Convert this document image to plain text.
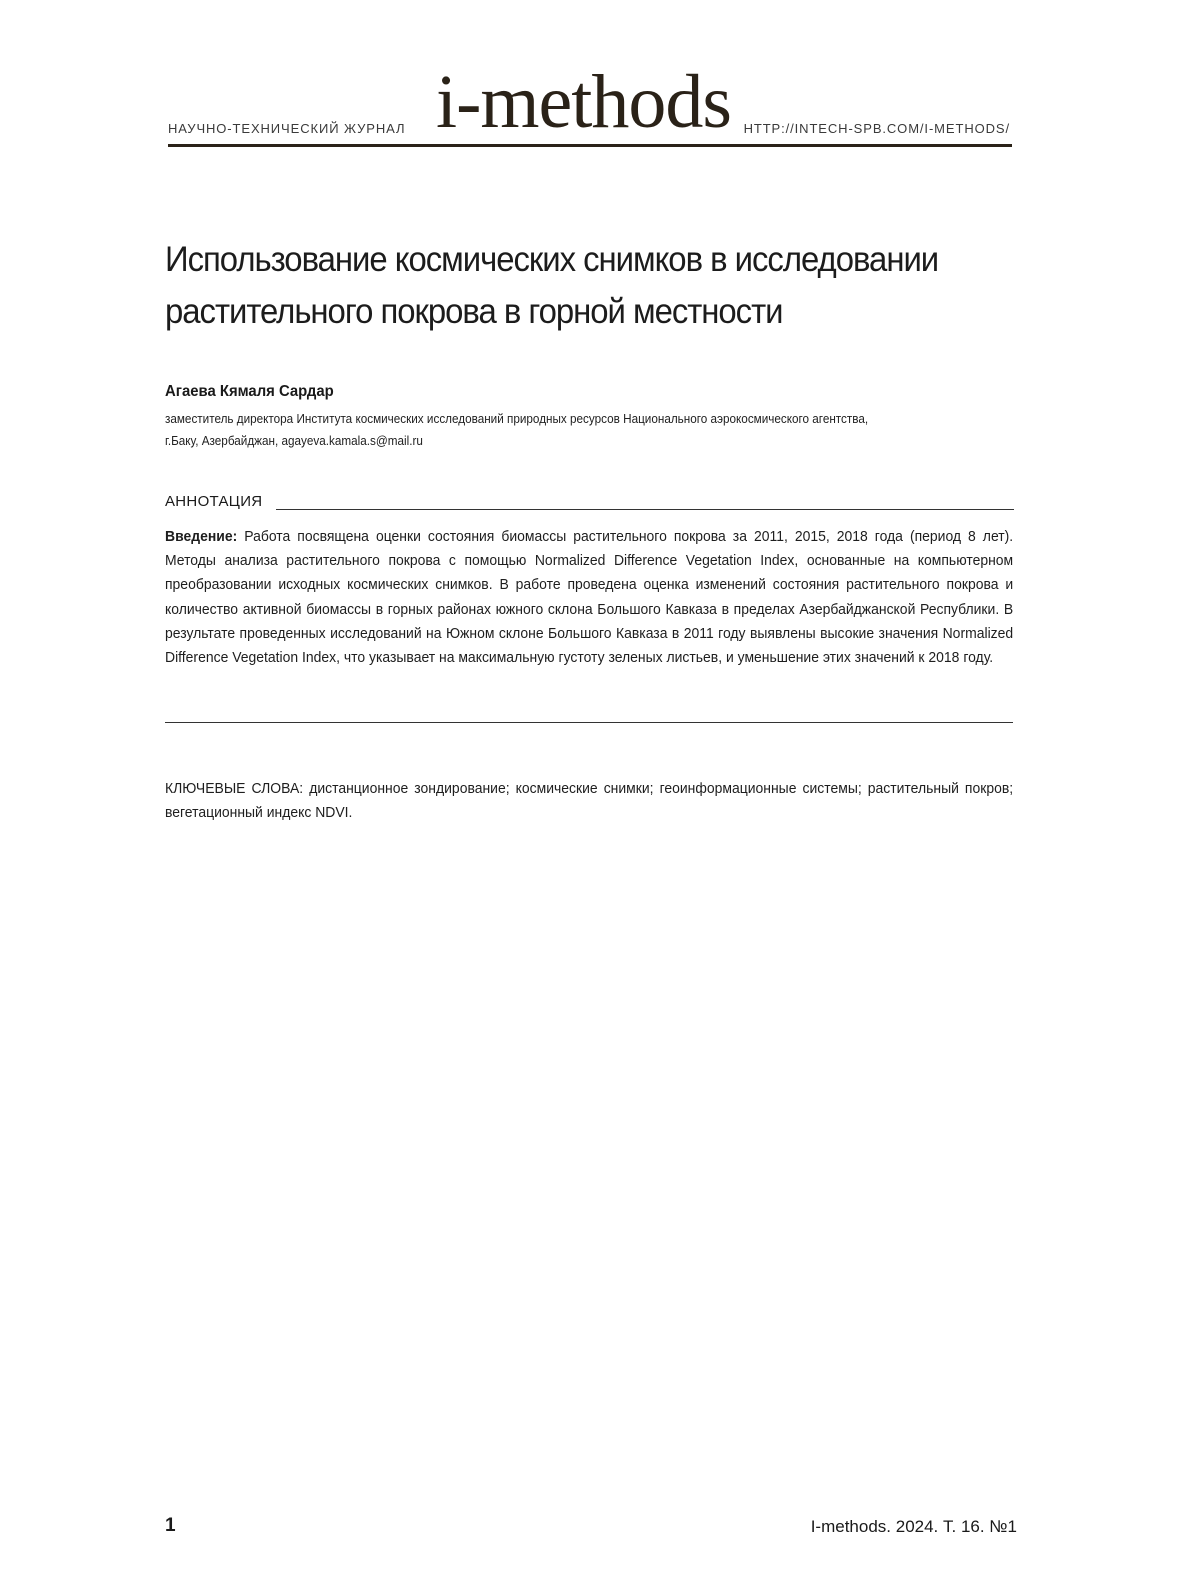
НАУЧНО-ТЕХНИЧЕСКИЙ ЖУРНАЛ i-methods HTTP://INTECH-SPB.COM/I-METHODS/
Использование космических снимков в исследовании
растительного покрова в горной местности
Агаева Кямаля Сардар
заместитель директора Института космических исследований природных ресурсов Национального аэрокосмического агентства,
г.Баку, Азербайджан, agayeva.kamala.s@mail.ru
АННОТАЦИЯ
Введение: Работа посвящена оценки состояния биомассы растительного покрова за 2011, 2015, 2018 года (период 8 лет). Методы анализа растительного покрова с помощью Normalized Difference Vegetation Index, основанные на компьютерном преобразовании исходных космических снимков. В работе проведена оценка изменений состояния растительного покрова и количество активной биомассы в горных районах южного склона Большого Кавказа в пределах Азербайджанской Республики. В результате проведенных исследований на Южном склоне Большого Кавказа в 2011 году выявлены высокие значения Normalized Difference Vegetation Index, что указывает на максимальную густоту зеленых листьев, и уменьшение этих значений к 2018 году.
КЛЮЧЕВЫЕ СЛОВА: дистанционное зондирование; космические снимки; геоинформационные системы; растительный покров; вегетационный индекс NDVI.
1	I-methods. 2024. Т. 16. №1
